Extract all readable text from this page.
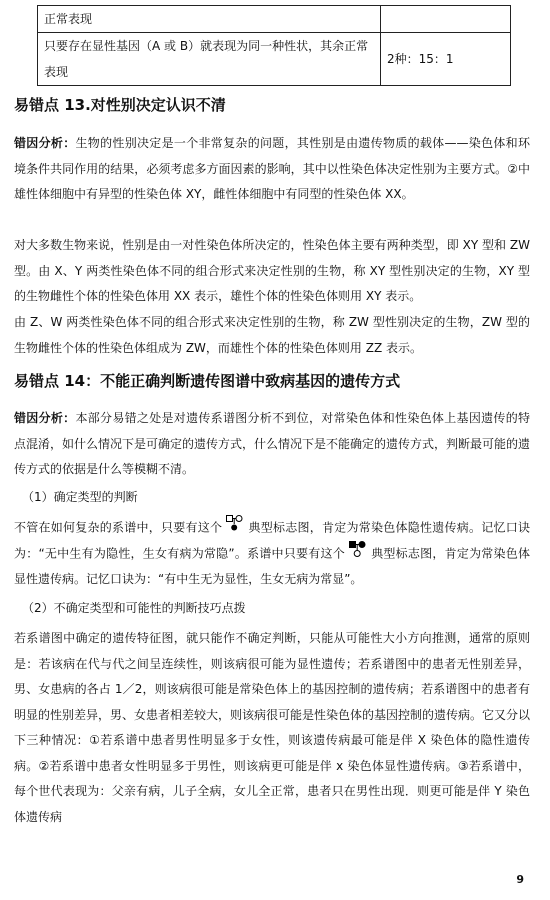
正常表现	
只要存在显性基因（A 或 B）就表现为同一种性状，其余正常表现	2种：15：1
易错点 13.对性别决定认识不清
错因分析：生物的性别决定是一个非常复杂的问题，其性别是由遗传物质的载体——染色体和环境条件共同作用的结果，必须考虑多方面因素的影响，其中以性染色体决定性别为主要方式。②中雄性体细胞中有异型的性染色体 XY，雌性体细胞中有同型的性染色体 XX。
对大多数生物来说，性别是由一对性染色体所决定的，性染色体主要有两种类型，即 XY 型和 ZW 型。由 X、Y 两类性染色体不同的组合形式来决定性别的生物，称 XY 型性别决定的生物，XY 型的生物雌性个体的性染色体用 XX 表示，雄性个体的性染色体则用 XY 表示。
由 Z、W 两类性染色体不同的组合形式来决定性别的生物，称 ZW 型性别决定的生物，ZW 型的生物雌性个体的性染色体组成为 ZW，而雄性个体的性染色体则用 ZZ 表示。
易错点 14：不能正确判断遗传图谱中致病基因的遗传方式
错因分析：本部分易错之处是对遗传系谱图分析不到位，对常染色体和性染色体上基因遗传的特点混淆，如什么情况下是可确定的遗传方式，什么情况下是不能确定的遗传方式，判断最可能的遗传方式的依据是什么等模糊不清。
（1）确定类型的判断
不管在如何复杂的系谱中，只要有这个 典型标志图，肯定为常染色体隐性遗传病。记忆口诀为：“无中生有为隐性，生女有病为常隐”。系谱中只要有这个 典型标志图，肯定为常染色体显性遗传病。记忆口诀为：“有中生无为显性，生女无病为常显”。
（2）不确定类型和可能性的判断技巧点拨
若系谱图中确定的遗传特征图，就只能作不确定判断，只能从可能性大小方向推测，通常的原则是：若该病在代与代之间呈连续性，则该病很可能为显性遗传；若系谱图中的患者无性别差异，男、女患病的各占 1／2，则该病很可能是常染色体上的基因控制的遗传病；若系谱图中的患者有明显的性别差异，男、女患者相差较大，则该病很可能是性染色体的基因控制的遗传病。它又分以下三种情况：①若系谱中患者男性明显多于女性，则该遗传病最可能是伴 X 染色体的隐性遗传病。②若系谱中患者女性明显多于男性，则该病更可能是伴 x 染色体显性遗传病。③若系谱中，每个世代表现为：父亲有病，儿子全病，女儿全正常，患者只在男性出现．则更可能是伴 Y 染色体遗传病
9
